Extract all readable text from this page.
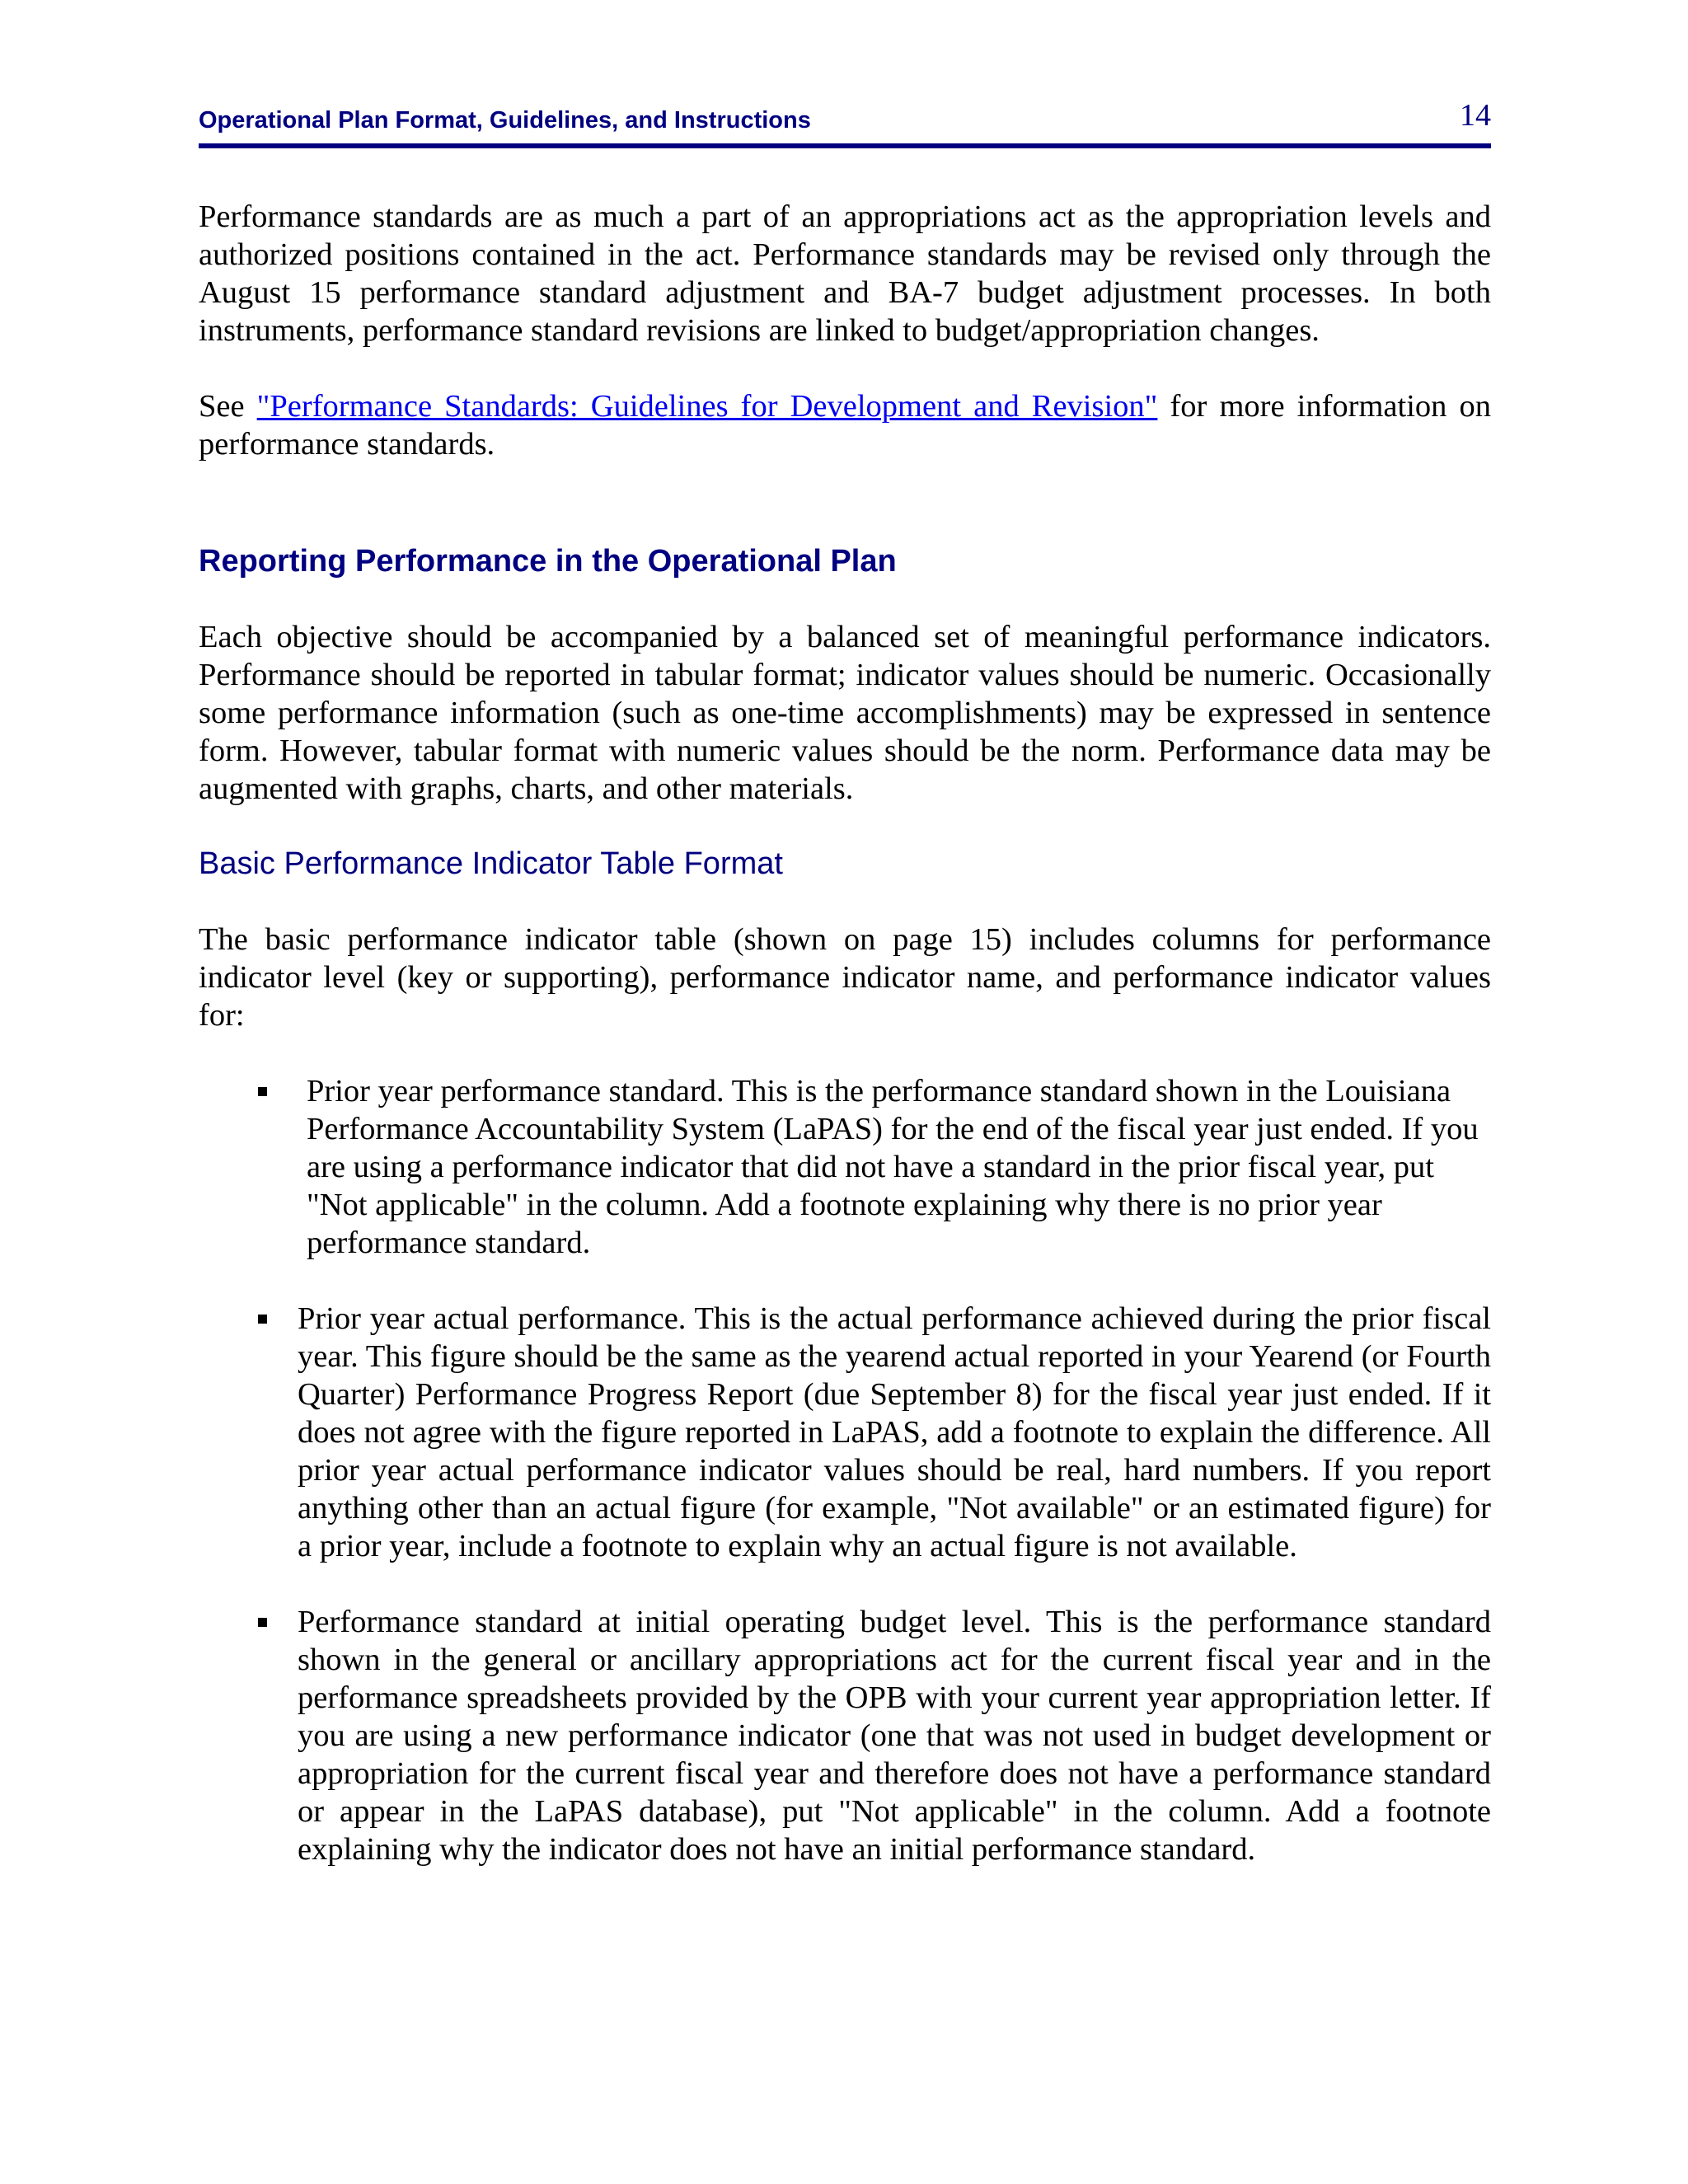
Operational Plan Format, Guidelines, and Instructions	14

Performance standards are as much a part of an appropriations act as the appropriation levels and authorized positions contained in the act. Performance standards may be revised only through the August 15 performance standard adjustment and BA-7 budget adjustment processes. In both instruments, performance standard revisions are linked to budget/appropriation changes.

See "Performance Standards: Guidelines for Development and Revision" for more information on performance standards.

Reporting Performance in the Operational Plan

Each objective should be accompanied by a balanced set of meaningful performance indicators. Performance should be reported in tabular format; indicator values should be numeric. Occasionally some performance information (such as one-time accomplishments) may be expressed in sentence form. However, tabular format with numeric values should be the norm. Performance data may be augmented with graphs, charts, and other materials.

Basic Performance Indicator Table Format

The basic performance indicator table (shown on page 15) includes columns for performance indicator level (key or supporting), performance indicator name, and performance indicator values for:

Prior year performance standard. This is the performance standard shown in the Louisiana Performance Accountability System (LaPAS) for the end of the fiscal year just ended. If you are using a performance indicator that did not have a standard in the prior fiscal year, put "Not applicable" in the column. Add a footnote explaining why there is no prior year performance standard.
Prior year actual performance. This is the actual performance achieved during the prior fiscal year. This figure should be the same as the yearend actual reported in your Yearend (or Fourth Quarter) Performance Progress Report (due September 8) for the fiscal year just ended. If it does not agree with the figure reported in LaPAS, add a footnote to explain the difference. All prior year actual performance indicator values should be real, hard numbers. If you report anything other than an actual figure (for example, "Not available" or an estimated figure) for a prior year, include a footnote to explain why an actual figure is not available.
Performance standard at initial operating budget level. This is the performance standard shown in the general or ancillary appropriations act for the current fiscal year and in the performance spreadsheets provided by the OPB with your current year appropriation letter. If you are using a new performance indicator (one that was not used in budget development or appropriation for the current fiscal year and therefore does not have a performance standard or appear in the LaPAS database), put "Not applicable" in the column. Add a footnote explaining why the indicator does not have an initial performance standard.
